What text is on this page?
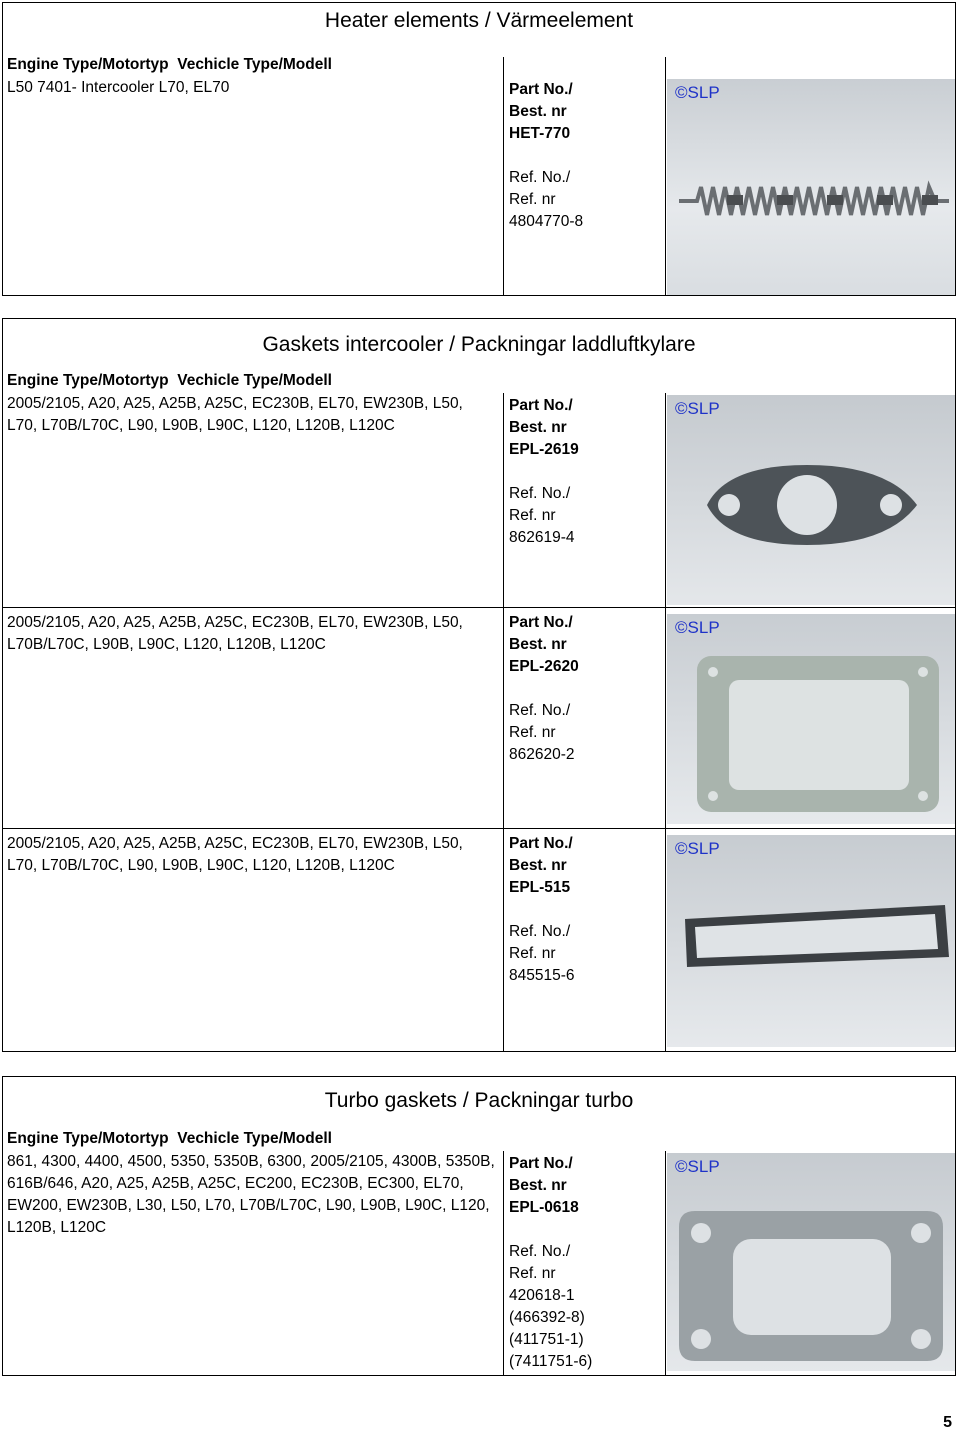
Heater elements / Värmeelement
Engine Type/Motortyp  Vechicle Type/Modell
L50 7401- Intercooler L70, EL70	Part No./
Best. nr
HET-770
Ref. No./
Ref. nr
4804770-8
©SLP
Gaskets intercooler / Packningar laddluftkylare
Engine Type/Motortyp  Vechicle Type/Modell
2005/2105, A20, A25, A25B, A25C, EC230B, EL70, EW230B, L50, L70, L70B/L70C, L90, L90B, L90C, L120, L120B, L120C
Part No./
Best. nr
EPL-2619
Ref. No./
Ref. nr
862619-4
©SLP
2005/2105, A20, A25, A25B, A25C, EC230B, EL70, EW230B, L50, L70B/L70C, L90B, L90C, L120, L120B, L120C
Part No./
Best. nr
EPL-2620
Ref. No./
Ref. nr
862620-2
©SLP
2005/2105, A20, A25, A25B, A25C, EC230B, EL70, EW230B, L50, L70, L70B/L70C, L90, L90B, L90C, L120, L120B, L120C
Part No./
Best. nr
EPL-515
Ref. No./
Ref. nr
845515-6
©SLP
Turbo gaskets / Packningar turbo
Engine Type/Motortyp  Vechicle Type/Modell
861, 4300, 4400, 4500, 5350, 5350B, 6300, 2005/2105, 4300B, 5350B, 616B/646, A20, A25, A25B, A25C, EC200, EC230B, EC300, EL70, EW200, EW230B, L30, L50, L70, L70B/L70C, L90, L90B, L90C, L120, L120B, L120C
Part No./
Best. nr
EPL-0618
Ref. No./
Ref. nr
420618-1
(466392-8)
(411751-1)
(7411751-6)
©SLP
5
